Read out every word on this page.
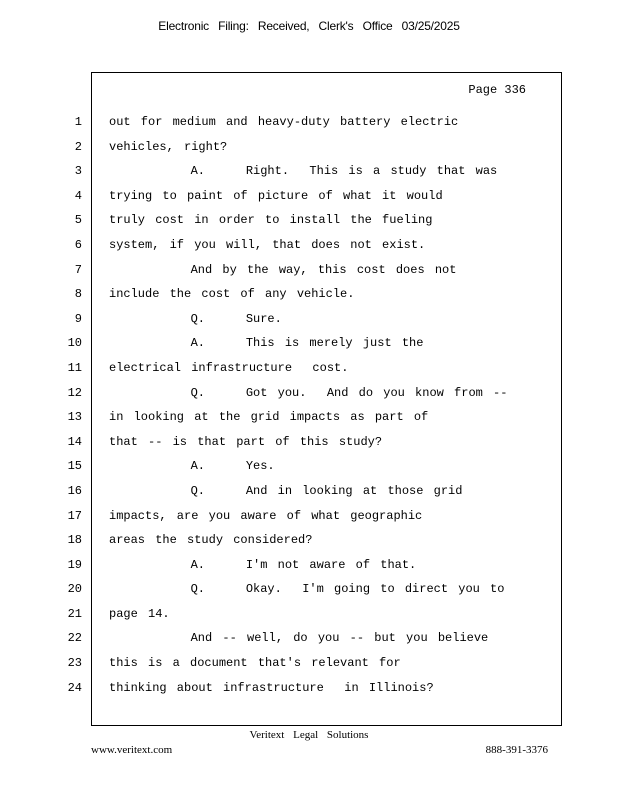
Electronic Filing: Received, Clerk's Office 03/25/2025
Page 336
1
2
3
4
5
6
7
8
9
10
11
12
13
14
15
16
17
18
19
20
21
22
23
24
out for medium and heavy-duty battery electric
vehicles, right?
A.    Right.  This is a study that was
trying to paint of picture of what it would
truly cost in order to install the fueling
system, if you will, that does not exist.
And by the way, this cost does not
include the cost of any vehicle.
Q.    Sure.
A.    This is merely just the
electrical infrastructure  cost.
Q.    Got you.  And do you know from --
in looking at the grid impacts as part of
that -- is that part of this study?
A.    Yes.
Q.    And in looking at those grid
impacts, are you aware of what geographic
areas the study considered?
A.    I'm not aware of that.
Q.    Okay.  I'm going to direct you to
page 14.
And -- well, do you -- but you believe
this is a document that's relevant for
thinking about infrastructure  in Illinois?
Veritext Legal Solutions
www.veritext.com	888-391-3376
